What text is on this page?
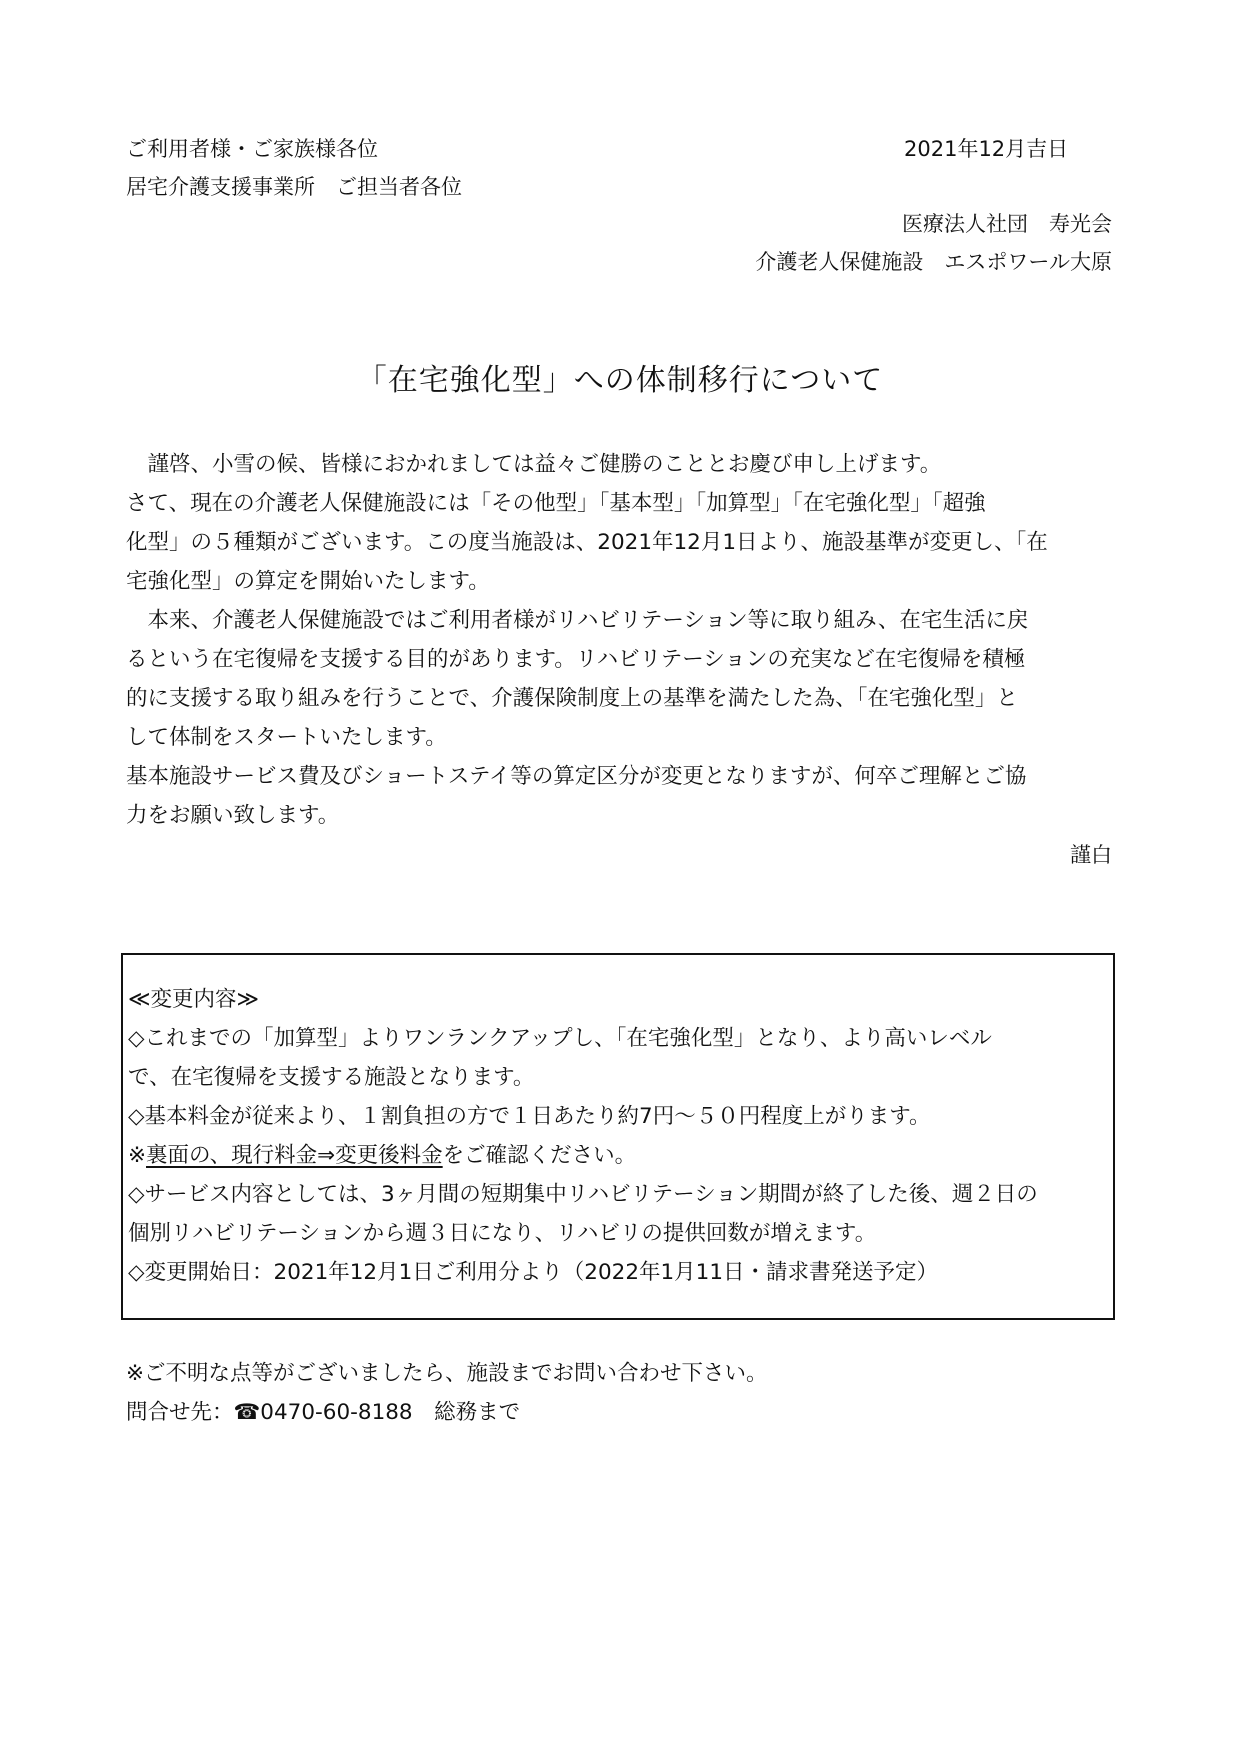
ご利用者様・ご家族様各位
居宅介護支援事業所　ご担当者各位
2021年12月吉日
医療法人社団　寿光会
介護老人保健施設　エスポワール大原
「在宅強化型」への体制移行について
　謹啓、小雪の候、皆様におかれましては益々ご健勝のこととお慶び申し上げます。
さて、現在の介護老人保健施設には「その他型」「基本型」「加算型」「在宅強化型」「超強
化型」の５種類がございます。この度当施設は、2021年12月1日より、施設基準が変更し、「在
宅強化型」の算定を開始いたします。
　本来、介護老人保健施設ではご利用者様がリハビリテーション等に取り組み、在宅生活に戻
るという在宅復帰を支援する目的があります。リハビリテーションの充実など在宅復帰を積極
的に支援する取り組みを行うことで、介護保険制度上の基準を満たした為、「在宅強化型」と
して体制をスタートいたします。
基本施設サービス費及びショートステイ等の算定区分が変更となりますが、何卒ご理解とご協
力をお願い致します。
謹白
≪変更内容≫
◇これまでの「加算型」よりワンランクアップし、「在宅強化型」となり、より高いレベル
で、在宅復帰を支援する施設となります。
◇基本料金が従来より、１割負担の方で１日あたり約7円～５０円程度上がります。
※裏面の、現行料金⇒変更後料金をご確認ください。
◇サービス内容としては、3ヶ月間の短期集中リハビリテーション期間が終了した後、週２日の
個別リハビリテーションから週３日になり、リハビリの提供回数が増えます。
◇変更開始日：2021年12月1日ご利用分より（2022年1月11日・請求書発送予定）
※ご不明な点等がございましたら、施設までお問い合わせ下さい。
問合せ先：☎0470-60-8188　総務まで
